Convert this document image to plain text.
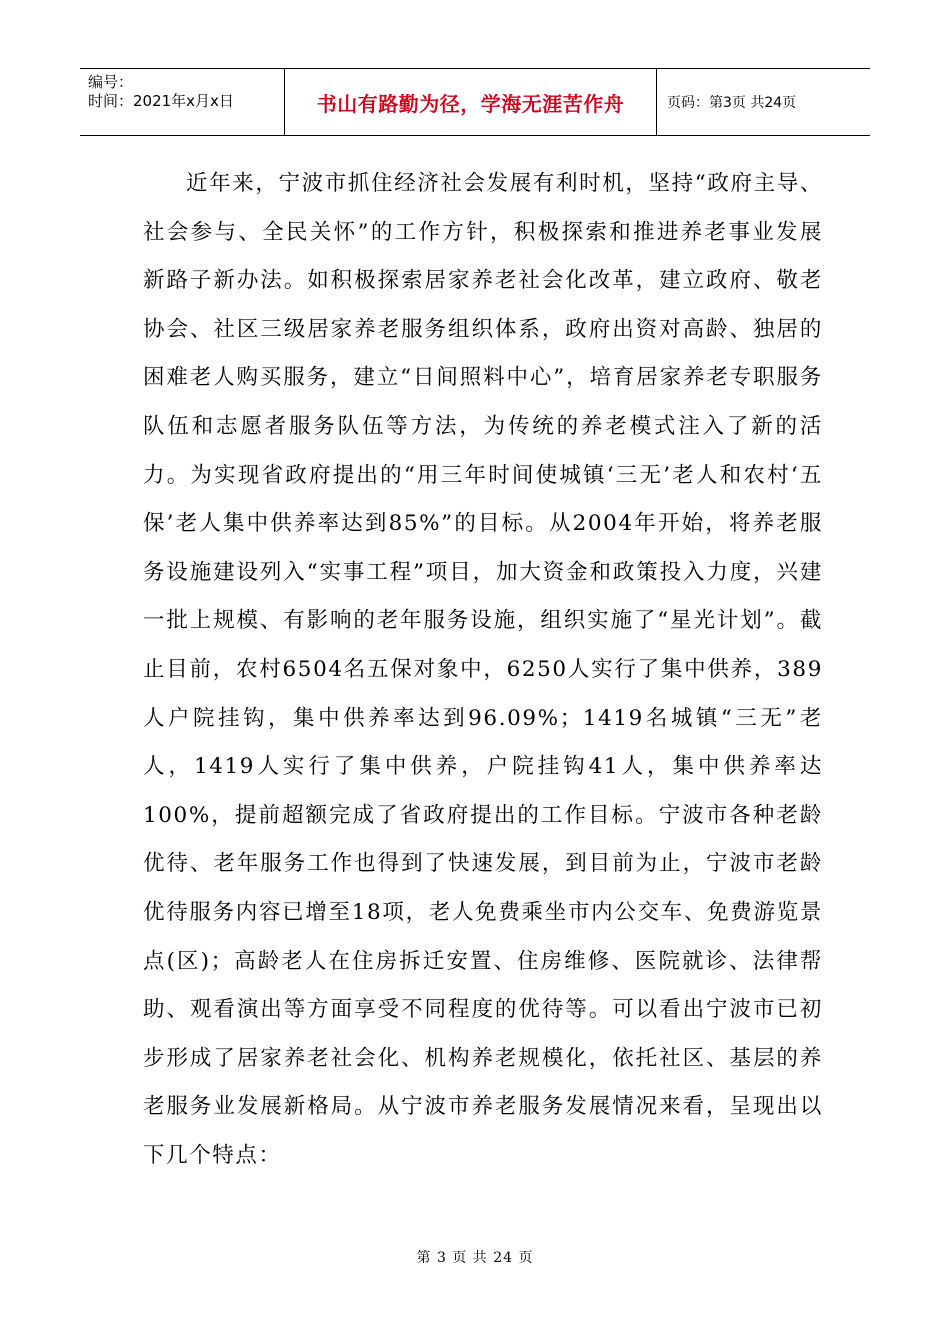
编号：
时间：2021年x月x日	书山有路勤为径，学海无涯苦作舟	页码：第3页 共24页

近年来，宁波市抓住经济社会发展有利时机，坚持“政府主导、社会参与、全民关怀”的工作方针，积极探索和推进养老事业发展新路子新办法。如积极探索居家养老社会化改革，建立政府、敬老协会、社区三级居家养老服务组织体系，政府出资对高龄、独居的困难老人购买服务，建立“日间照料中心”，培育居家养老专职服务队伍和志愿者服务队伍等方法，为传统的养老模式注入了新的活力。为实现省政府提出的“用三年时间使城镇‘三无’老人和农村‘五保’老人集中供养率达到85%”的目标。从2004年开始，将养老服务设施建设列入“实事工程”项目，加大资金和政策投入力度，兴建一批上规模、有影响的老年服务设施，组织实施了“星光计划”。截止目前，农村6504名五保对象中，6250人实行了集中供养，389人户院挂钩，集中供养率达到96.09%；1419名城镇“三无”老人，1419人实行了集中供养，户院挂钩41人，集中供养率达100%，提前超额完成了省政府提出的工作目标。宁波市各种老龄优待、老年服务工作也得到了快速发展，到目前为止，宁波市老龄优待服务内容已增至18项，老人免费乘坐市内公交车、免费游览景点(区)；高龄老人在住房拆迁安置、住房维修、医院就诊、法律帮助、观看演出等方面享受不同程度的优待等。可以看出宁波市已初步形成了居家养老社会化、机构养老规模化，依托社区、基层的养老服务业发展新格局。从宁波市养老服务发展情况来看，呈现出以下几个特点：

第 3 页 共 24 页
